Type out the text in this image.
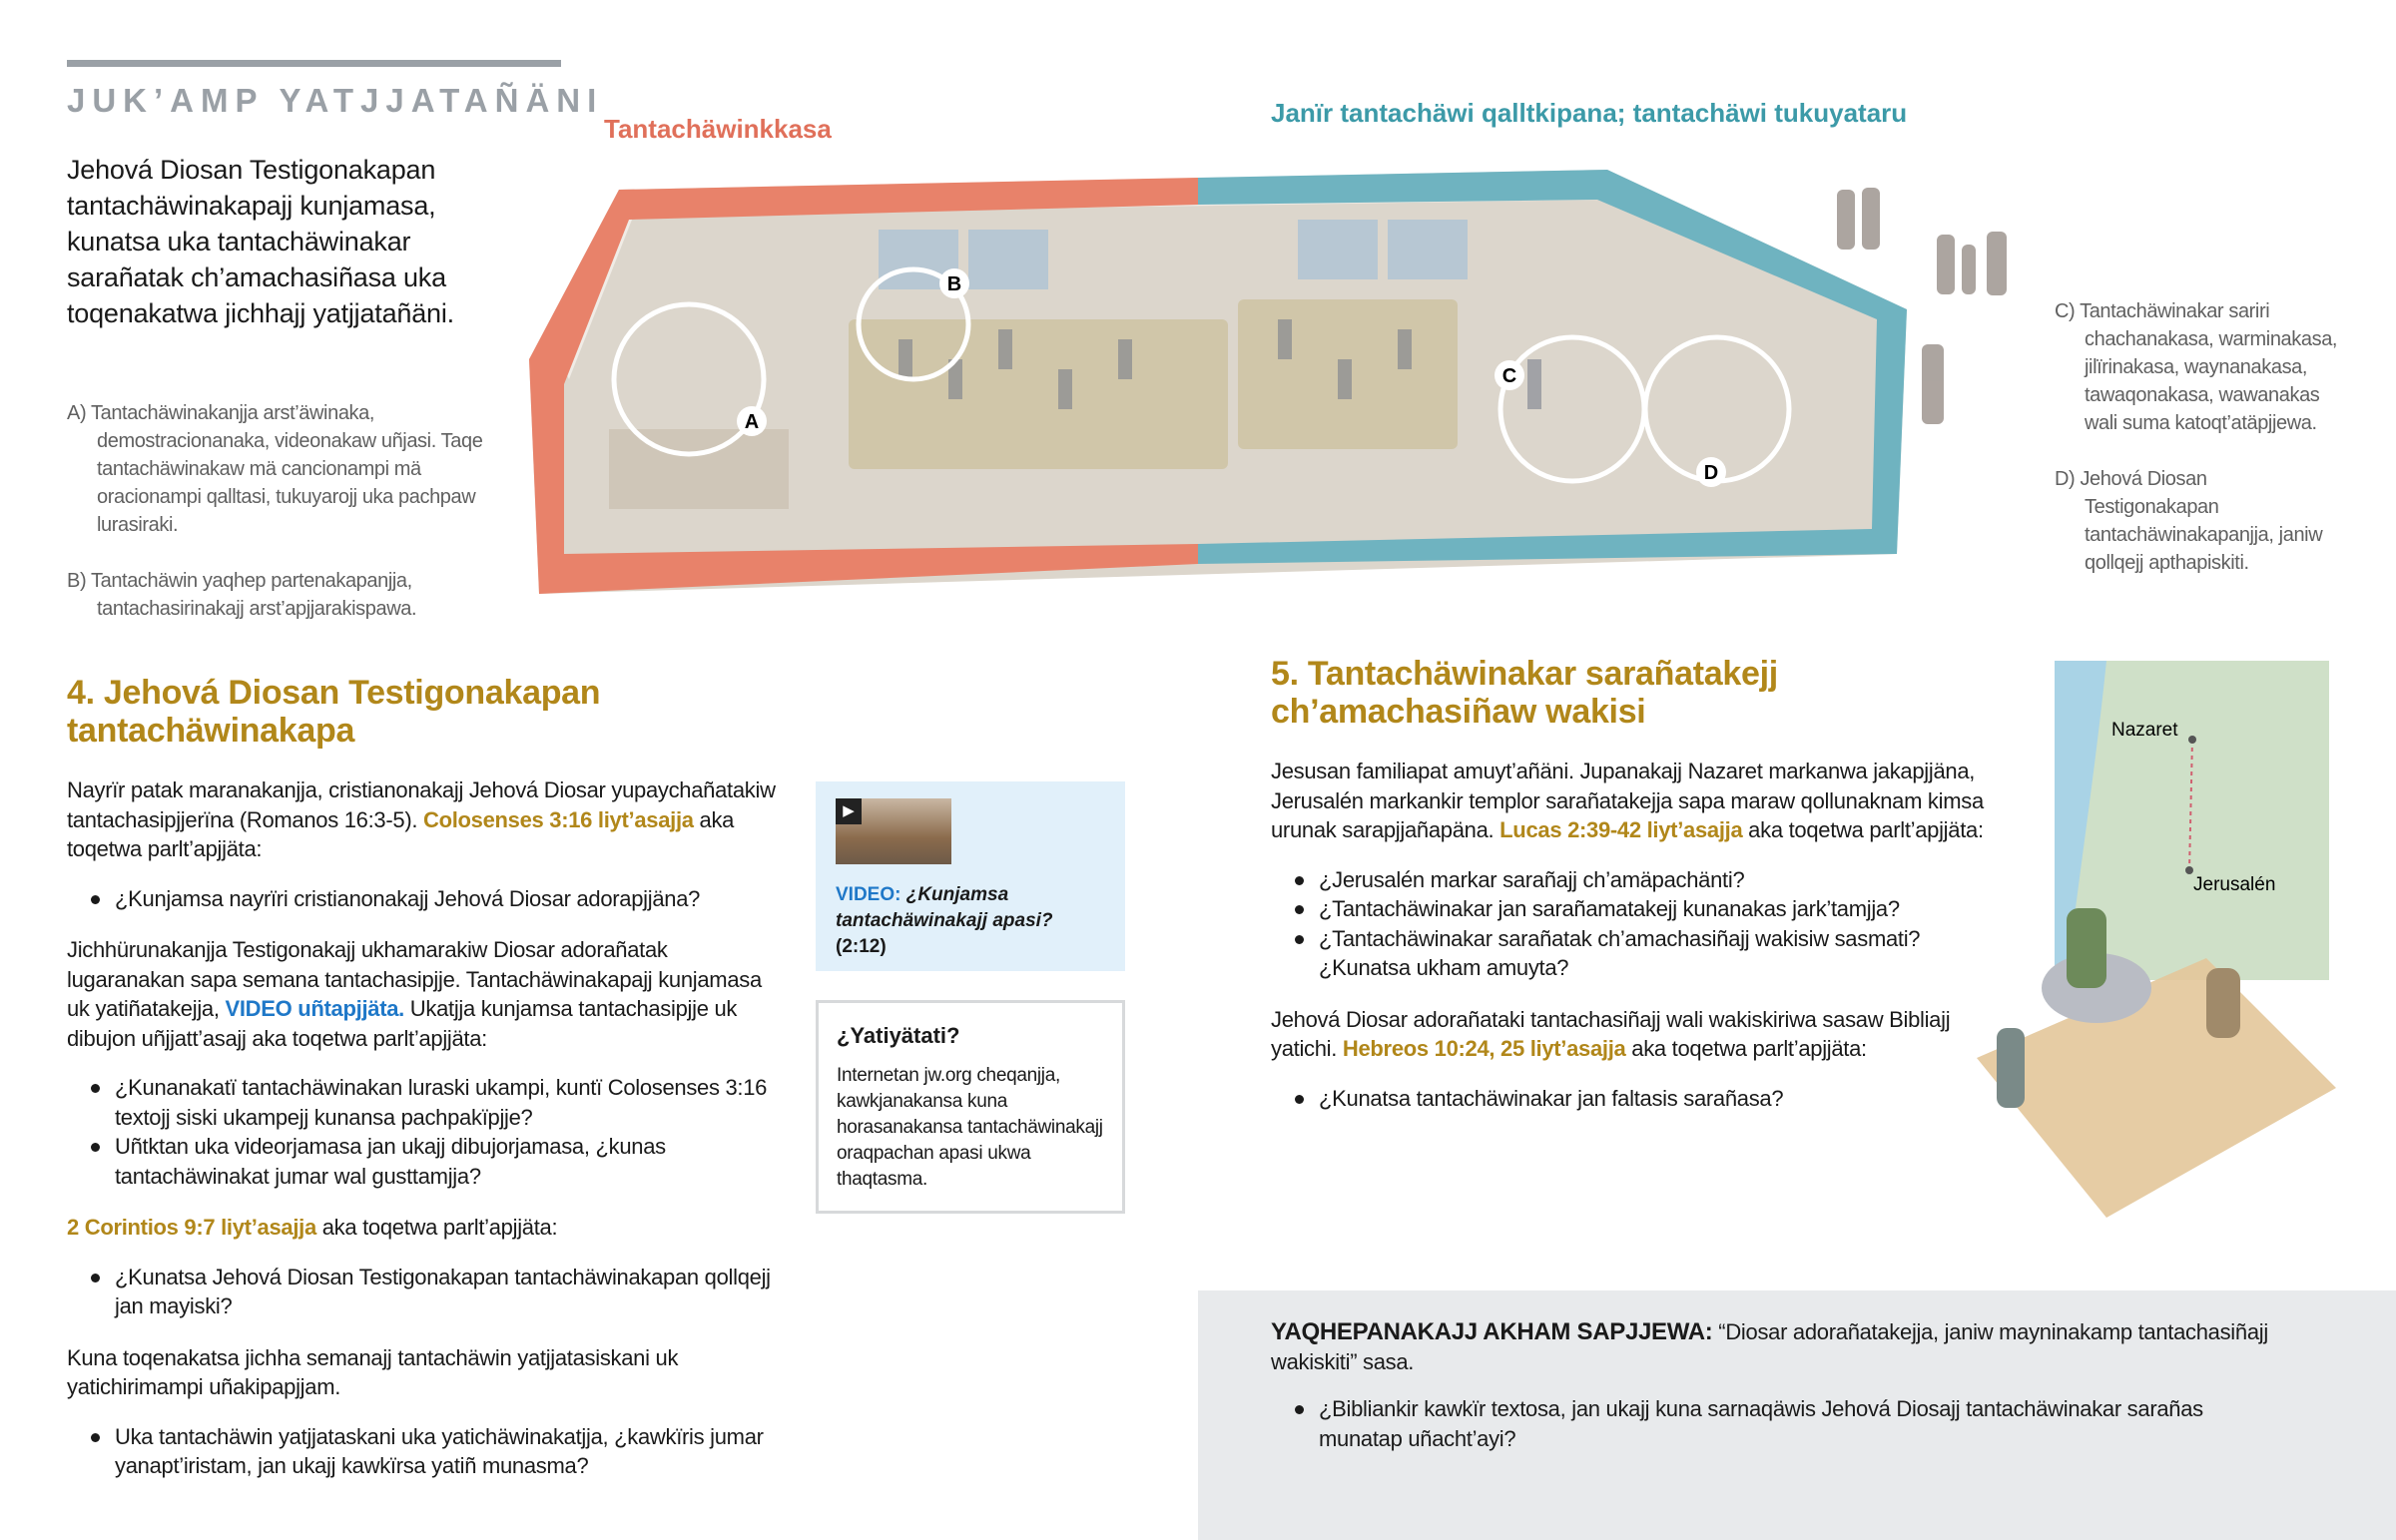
JUK’AMP YATJJATAÑÄNI
Jehová Diosan Testigonakapan tantachäwinakapajj kunjamasa, kunatsa uka tantachäwinakar sarañatak ch’amachasiñasa uka toqenakatwa jichhajj yatjjatañäni.

A) Tantachäwinakanjja arst’äwinaka, demostracionanaka, videonakaw uñjasi. Taqe tantachäwinakaw mä cancionampi mä oracionampi qalltasi, tukuyarojj uka pachpaw lurasiraki.

B) Tantachäwin yaqhep partenakapanjja, tantachasirinakajj arst’apjjarakispawa.

C) Tantachäwinakar sariri chachanakasa, warminakasa, jilïrinakasa, waynanakasa, tawaqonakasa, wawanakas wali suma katoqt’atäpjjewa.

D) Jehová Diosan Testigonakapan tantachäwinakapanjja, janiw qollqejj apthapiskiti.

Tantachäwinkkasa
Janïr tantachäwi qalltkipana; tantachäwi tukuyataru
A
B
C
D
4. Jehová Diosan Testigonakapan tantachäwinakapa

Nayrïr patak maranakanjja, cristianonakajj Jehová Diosar yupaychañatakiw tantachasipjjerïna (Romanos 16:3-5). Colosenses 3:16 liyt’asajja aka toqetwa parlt’apjjäta:

¿Kunjamsa nayrïri cristianonakajj Jehová Diosar adorapjjäna?

Jichhürunakanjja Testigonakajj ukhamarakiw Diosar adorañatak lugaranakan sapa semana tantachasipjje. Tantachäwinakapajj kunjamasa uk yatiñatakejja, VIDEO uñtapjjäta. Ukatjja kunjamsa tantachasipjje uk dibujon uñjjatt’asajj aka toqetwa parlt’apjjäta:

¿Kunanakatï tantachäwinakan luraski ukampi, kuntï Colosenses 3:16 textojj siski ukampejj kunansa pachpakïpjje?
Uñtktan uka videorjamasa jan ukajj dibujorjamasa, ¿kunas tantachäwinakat jumar wal gusttamjja?

2 Corintios 9:7 liyt’asajja aka toqetwa parlt’apjjäta:

¿Kunatsa Jehová Diosan Testigonakapan tantachäwinakapan qollqejj jan mayiski?

Kuna toqenakatsa jichha semanajj tantachäwin yatjjatasiskani uk yatichirimampi uñakipapjjam.

Uka tantachäwin yatjjataskani uka yatichäwinakatjja, ¿kawkïris jumar yanapt’iristam, jan ukajj kawkïrsa yatiñ munasma?
▶
VIDEO: ¿Kunjamsa tantachäwinakajj apasi? (2:12)
¿Yatiyätati?

Internetan jw.org cheqanjja, kawkjanakansa kuna horasanakansa tantachäwinakajj oraqpachan apasi ukwa thaqtasma.

5. Tantachäwinakar sarañatakejj ch’amachasiñaw wakisi

Jesusan familiapat amuyt’añäni. Jupanakajj Nazaret markanwa jakapjjäna, Jerusalén markankir templor sarañatakejja sapa maraw qollunaknam kimsa urunak sarapjjañapäna. Lucas 2:39-42 liyt’asajja aka toqetwa parlt’apjjäta:

¿Jerusalén markar sarañajj ch’amäpachänti?
¿Tantachäwinakar jan sarañamatakejj kunanakas jark’tamjja?
¿Tantachäwinakar sarañatak ch’amachasiñajj wakisiw sasmati? ¿Kunatsa ukham amuyta?

Jehová Diosar adorañataki tantachasiñajj wali wakiskiriwa sasaw Bibliajj yatichi. Hebreos 10:24, 25 liyt’asajja aka toqetwa parlt’apjjäta:

¿Kunatsa tantachäwinakar jan faltasis sarañasa?
Nazaret
Jerusalén

YAQHEPANAKAJJ AKHAM SAPJJEWA: “Diosar adorañatakejja, janiw mayninakamp tantachasiñajj wakiskiti” sasa.

¿Bibliankir kawkïr textosa, jan ukajj kuna sarnaqäwis Jehová Diosajj tantachäwinakar sarañas munatap uñacht’ayi?
